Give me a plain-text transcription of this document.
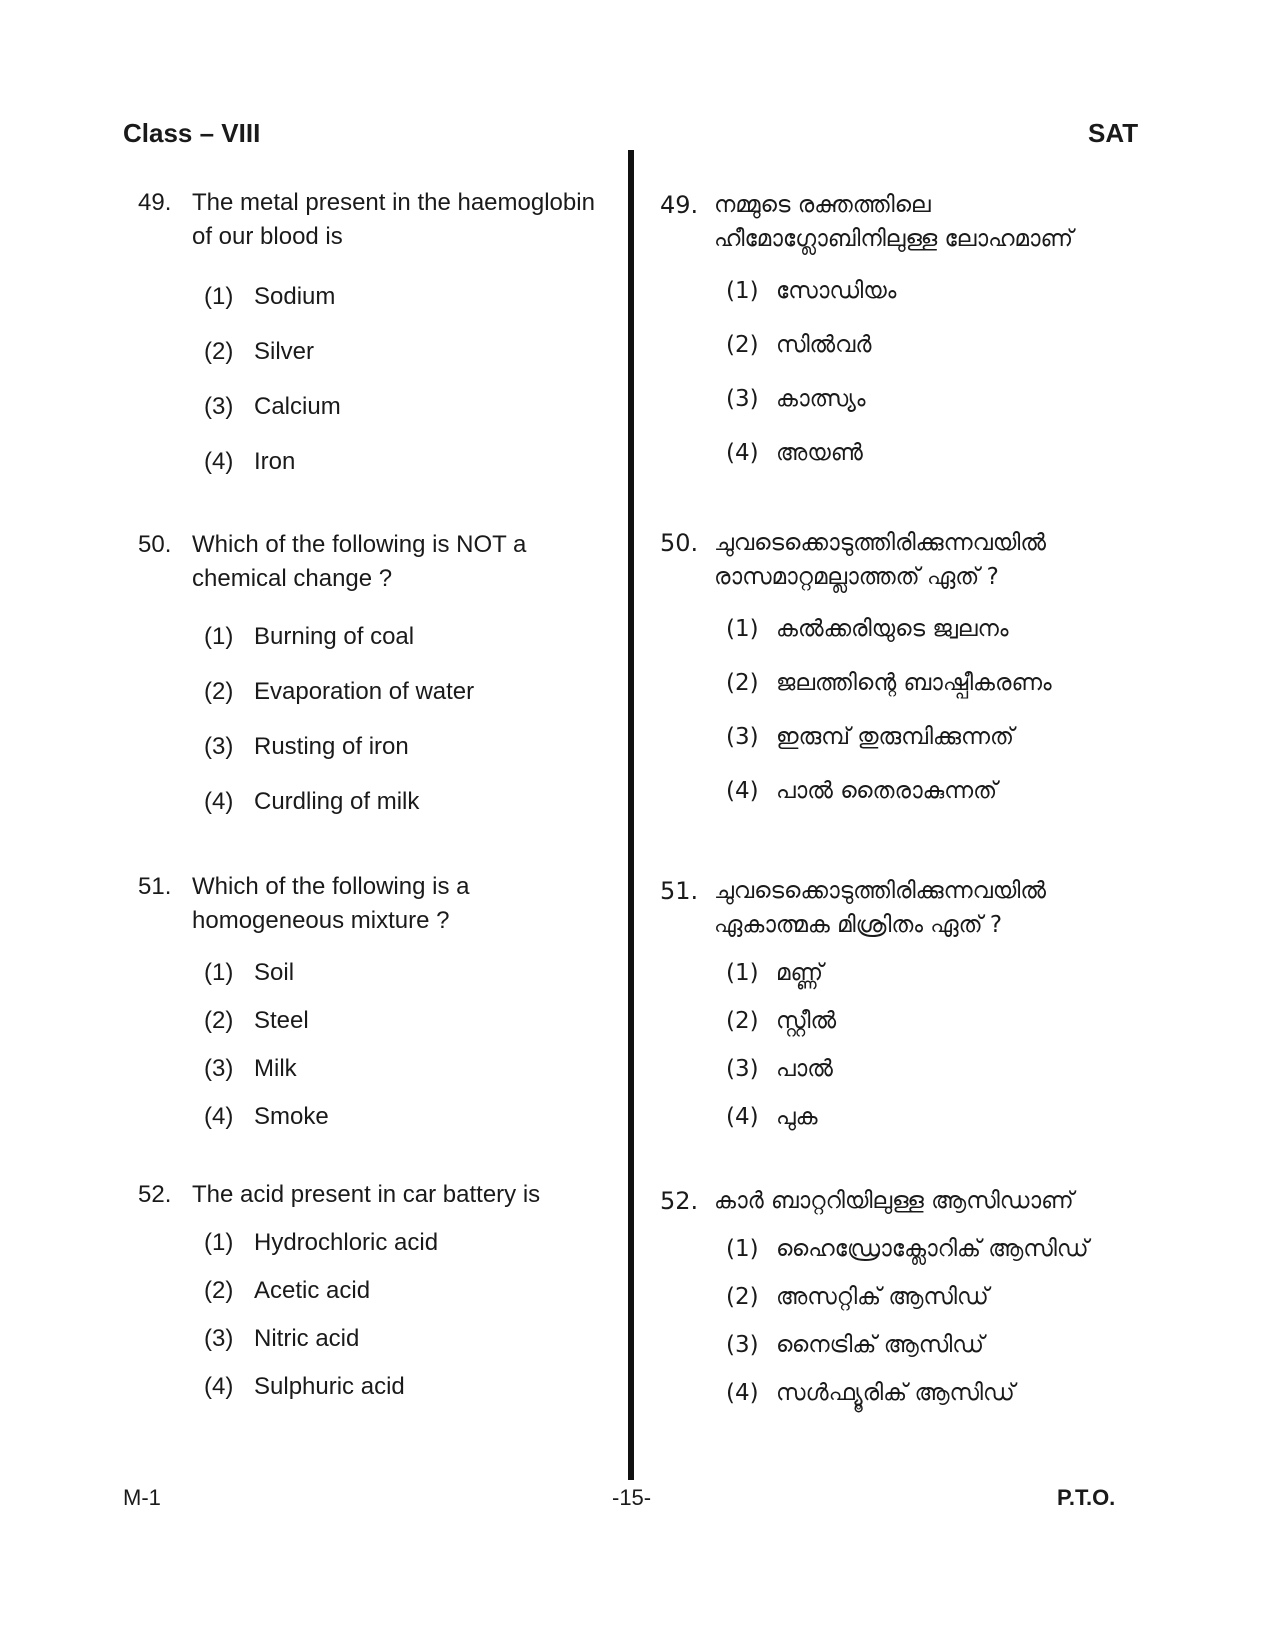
Class – VIII	SAT
49. The metal present in the haemoglobin of our blood is
(1) Sodium
(2) Silver
(3) Calcium
(4) Iron
50. Which of the following is NOT a chemical change ?
(1) Burning of coal
(2) Evaporation of water
(3) Rusting of iron
(4) Curdling of milk
51. Which of the following is a homogeneous mixture ?
(1) Soil
(2) Steel
(3) Milk
(4) Smoke
52. The acid present in car battery is
(1) Hydrochloric acid
(2) Acetic acid
(3) Nitric acid
(4) Sulphuric acid
49. നമ്മുടെ രക്തത്തിലെ ഹീമോഗ്ലോബിനിലുള്ള ലോഹമാണ്
(1) സോഡിയം
(2) സിൽവർ
(3) കാത്സ്യം
(4) അയൺ
50. ചുവടെക്കൊടുത്തിരിക്കുന്നവയിൽ രാസമാറ്റമല്ലാത്തത് ഏത് ?
(1) കൽക്കരിയുടെ ജ്വലനം
(2) ജലത്തിന്റെ ബാഷ്പീകരണം
(3) ഇരുമ്പ് തുരുമ്പിക്കുന്നത്
(4) പാൽ തൈരാകുന്നത്
51. ചുവടെക്കൊടുത്തിരിക്കുന്നവയിൽ ഏകാത്മക മിശ്രിതം ഏത് ?
(1) മണ്ണ്
(2) സ്റ്റീൽ
(3) പാൽ
(4) പുക
52. കാർ ബാറ്ററിയിലുള്ള ആസിഡാണ്
(1) ഹൈഡ്രോക്ലോറിക് ആസിഡ്
(2) അസറ്റിക് ആസിഡ്
(3) നൈട്രിക് ആസിഡ്
(4) സൾഫ്യൂരിക് ആസിഡ്
M-1	-15-	P.T.O.
